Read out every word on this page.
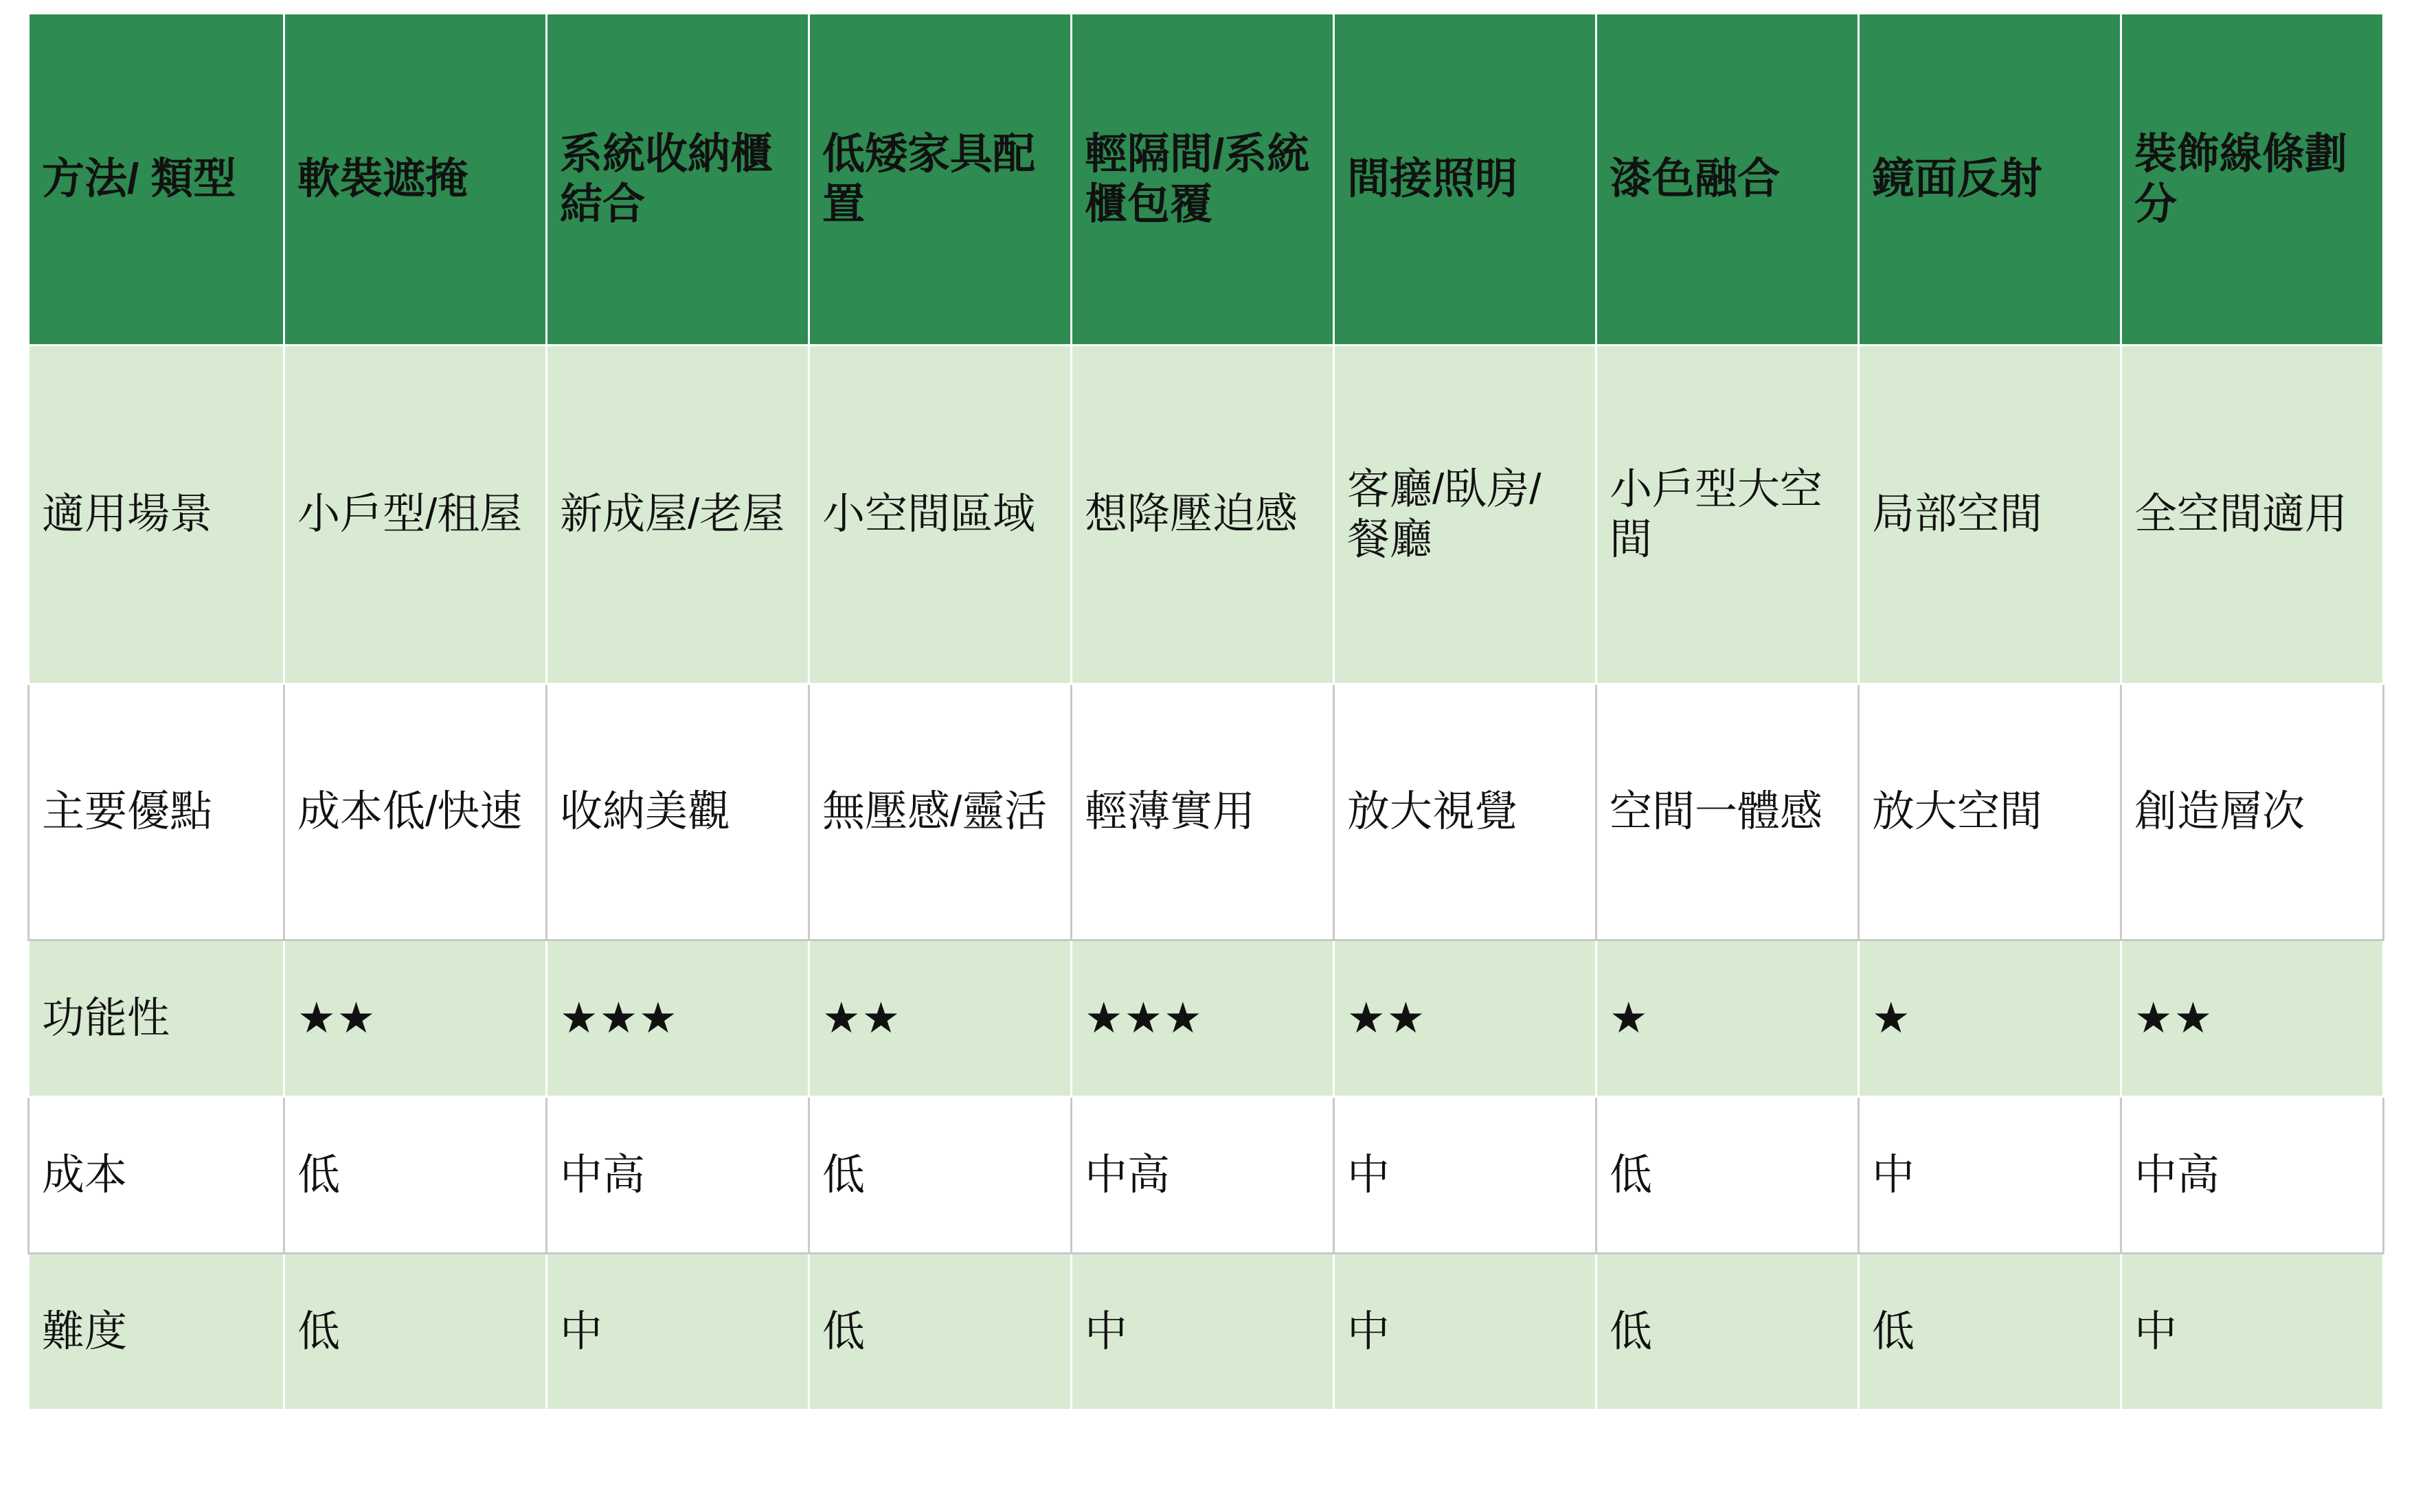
方法/ 類型	軟裝遮掩	系統收納櫃結合	低矮家具配置	輕隔間/系統櫃包覆	間接照明	漆色融合	鏡面反射	裝飾線條劃分
適用場景	小戶型/租屋	新成屋/老屋	小空間區域	想降壓迫感	客廳/臥房/餐廳	小戶型大空間	局部空間	全空間適用
主要優點	成本低/快速	收納美觀	無壓感/靈活	輕薄實用	放大視覺	空間一體感	放大空間	創造層次
功能性	★★	★★★	★★	★★★	★★	★	★	★★
成本	低	中高	低	中高	中	低	中	中高
難度	低	中	低	中	中	低	低	中
